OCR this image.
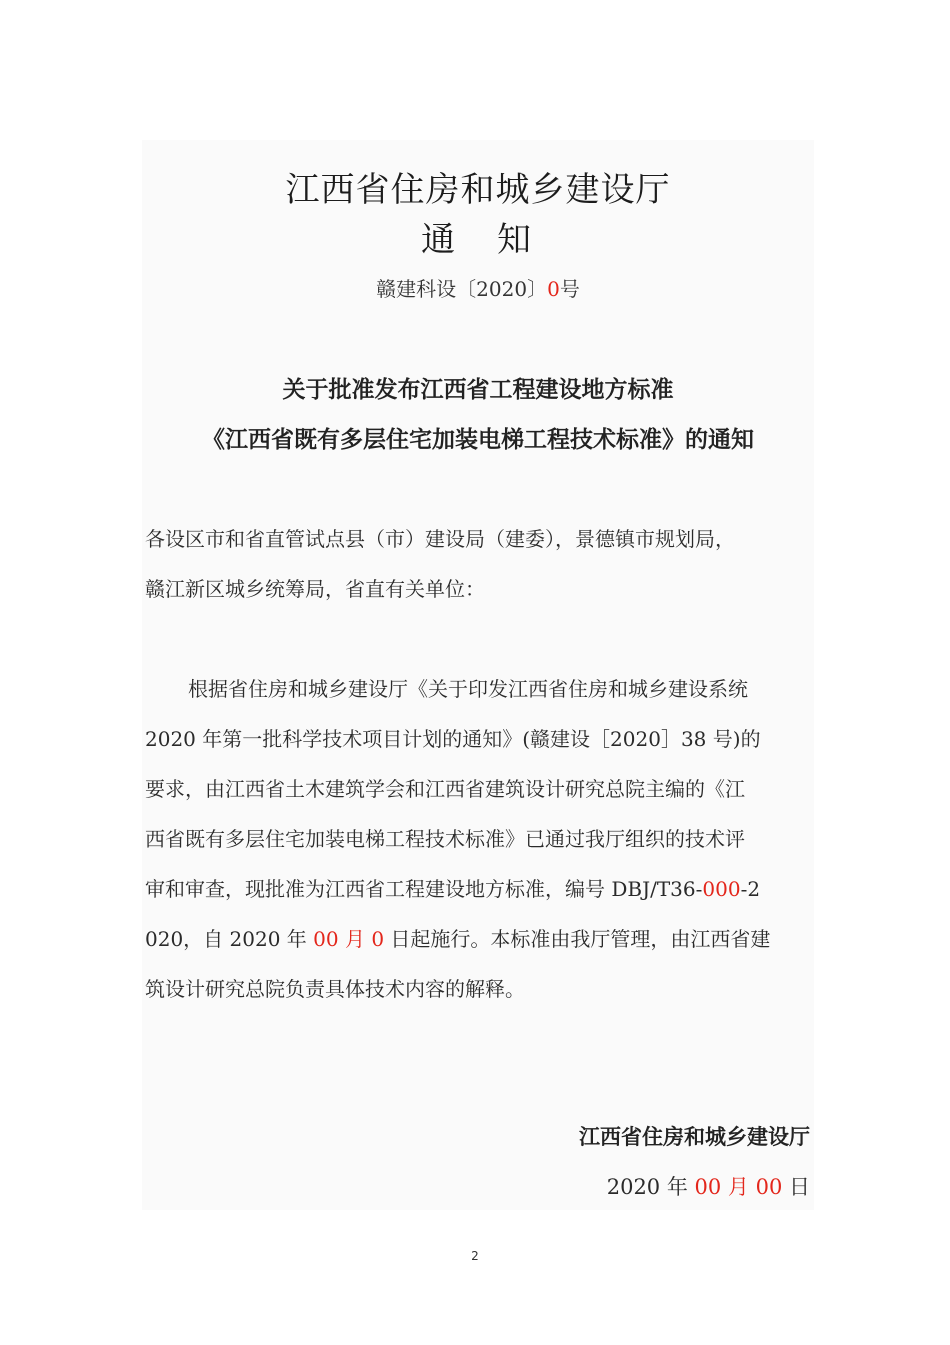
江西省住房和城乡建设厅
通　知
赣建科设〔2020〕0号
关于批准发布江西省工程建设地方标准
《江西省既有多层住宅加装电梯工程技术标准》的通知
各设区市和省直管试点县（市）建设局（建委），景德镇市规划局，
赣江新区城乡统筹局，省直有关单位：
根据省住房和城乡建设厅《关于印发江西省住房和城乡建设系统
2020 年第一批科学技术项目计划的通知》(赣建设［2020］38 号)的
要求，由江西省土木建筑学会和江西省建筑设计研究总院主编的《江
西省既有多层住宅加装电梯工程技术标准》已通过我厅组织的技术评
审和审查，现批准为江西省工程建设地方标准，编号 DBJ/T36-000-2
020，自 2020 年 00 月 0 日起施行。本标准由我厅管理，由江西省建
筑设计研究总院负责具体技术内容的解释。
江西省住房和城乡建设厅
2020 年 00 月 00 日
2
